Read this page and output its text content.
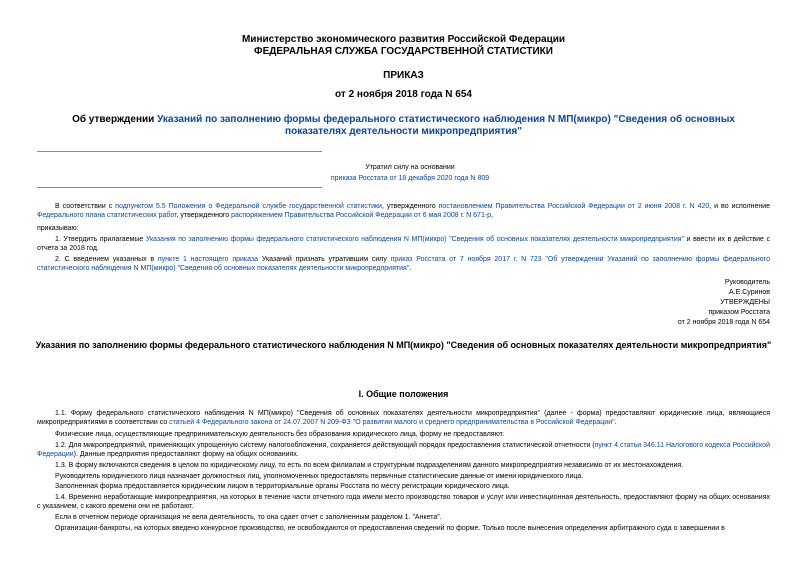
Министерство экономического развития Российской Федерации
ФЕДЕРАЛЬНАЯ СЛУЖБА ГОСУДАРСТВЕННОЙ СТАТИСТИКИ
ПРИКАЗ
от 2 ноября 2018 года N 654
Об утверждении Указаний по заполнению формы федерального статистического наблюдения N МП(микро) "Сведения об основных показателях деятельности микропредприятия"
Утратил силу на основании
приказа Росстата от 18 декабря 2020 года N 809
В соответствии с подпунктом 5.5 Положения о Федеральной службе государственной статистики, утвержденного постановлением Правительства Российской Федерации от 2 июня 2008 г. N 420, и во исполнение Федерального плана статистических работ, утвержденного распоряжением Правительства Российской Федерации от 6 мая 2008 г. N 671-р,
приказываю:
1. Утвердить прилагаемые Указания по заполнению формы федерального статистического наблюдения N МП(микро) "Сведения об основных показателях деятельности микропредприятия" и ввести их в действие с отчета за 2018 год.
2. С введением указанных в пункте 1 настоящего приказа Указаний признать утратившим силу приказ Росстата от 7 ноября 2017 г. N 723 "Об утверждении Указаний по заполнению формы федерального статистического наблюдения N МП(микро) "Сведения об основных показателях деятельности микропредприятия".
Руководитель
А.Е.Суринов
УТВЕРЖДЕНЫ
приказом Росстата
от 2 ноября 2018 года N 654
Указания по заполнению формы федерального статистического наблюдения N МП(микро) "Сведения об основных показателях деятельности микропредприятия"
I. Общие положения
1.1. Форму федерального статистического наблюдения N МП(микро) "Сведения об основных показателях деятельности микропредприятия" (далее - форма) предоставляют юридические лица, являющиеся микропредприятиями в соответствии со статьей 4 Федерального закона от 24.07.2007 N 209-ФЗ "О развитии малого и среднего предпринимательства в Российской Федерации".
Физические лица, осуществляющие предпринимательскую деятельность без образования юридического лица, форму не предоставляют.
1.2. Для микропредприятий, применяющих упрощенную систему налогообложения, сохраняется действующий порядок предоставления статистической отчетности (пункт 4 статьи 346.11 Налогового кодекса Российской Федерации). Данные предприятия предоставляют форму на общих основаниях.
1.3. В форму включаются сведения в целом по юридическому лицу, то есть по всем филиалам и структурным подразделениям данного микропредприятия независимо от их местонахождения.
Руководитель юридического лица назначает должностных лиц, уполномоченных предоставлять первичные статистические данные от имени юридического лица.
Заполненная форма предоставляется юридическим лицом в территориальные органы Росстата по месту регистрации юридического лица.
1.4. Временно неработающие микропредприятия, на которых в течение части отчетного года имели место производство товаров и услуг или инвестиционная деятельность, предоставляют форму на общих основаниях с указанием, с какого времени они не работают.
Если в отчетном периоде организация не вела деятельность, то она сдает отчет с заполненным разделом 1. "Анкета".
Организации-банкроты, на которых введено конкурсное производство, не освобождаются от предоставления сведений по форме. Только после вынесения определения арбитражного суда о завершении в
